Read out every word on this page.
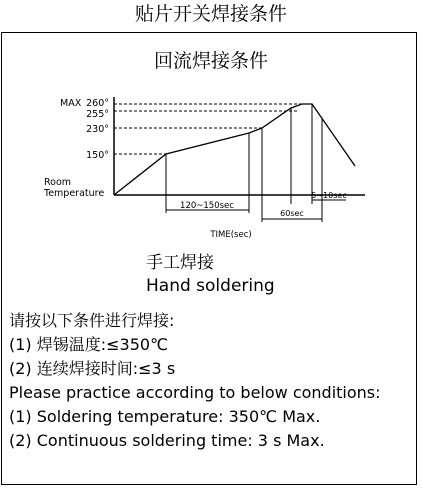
贴片开关焊接条件
回流焊接条件
MAX 260°
255°
230°
150°
Room
Temperature
120~150sec
5~10sec
60sec
TIME(sec)
手工焊接
Hand soldering
请按以下条件进行焊接:
(1) 焊锡温度:≤350℃
(2) 连续焊接时间:≤3 s
Please practice according to below conditions:
(1) Soldering temperature: 350℃ Max.
(2) Continuous soldering time: 3 s Max.
